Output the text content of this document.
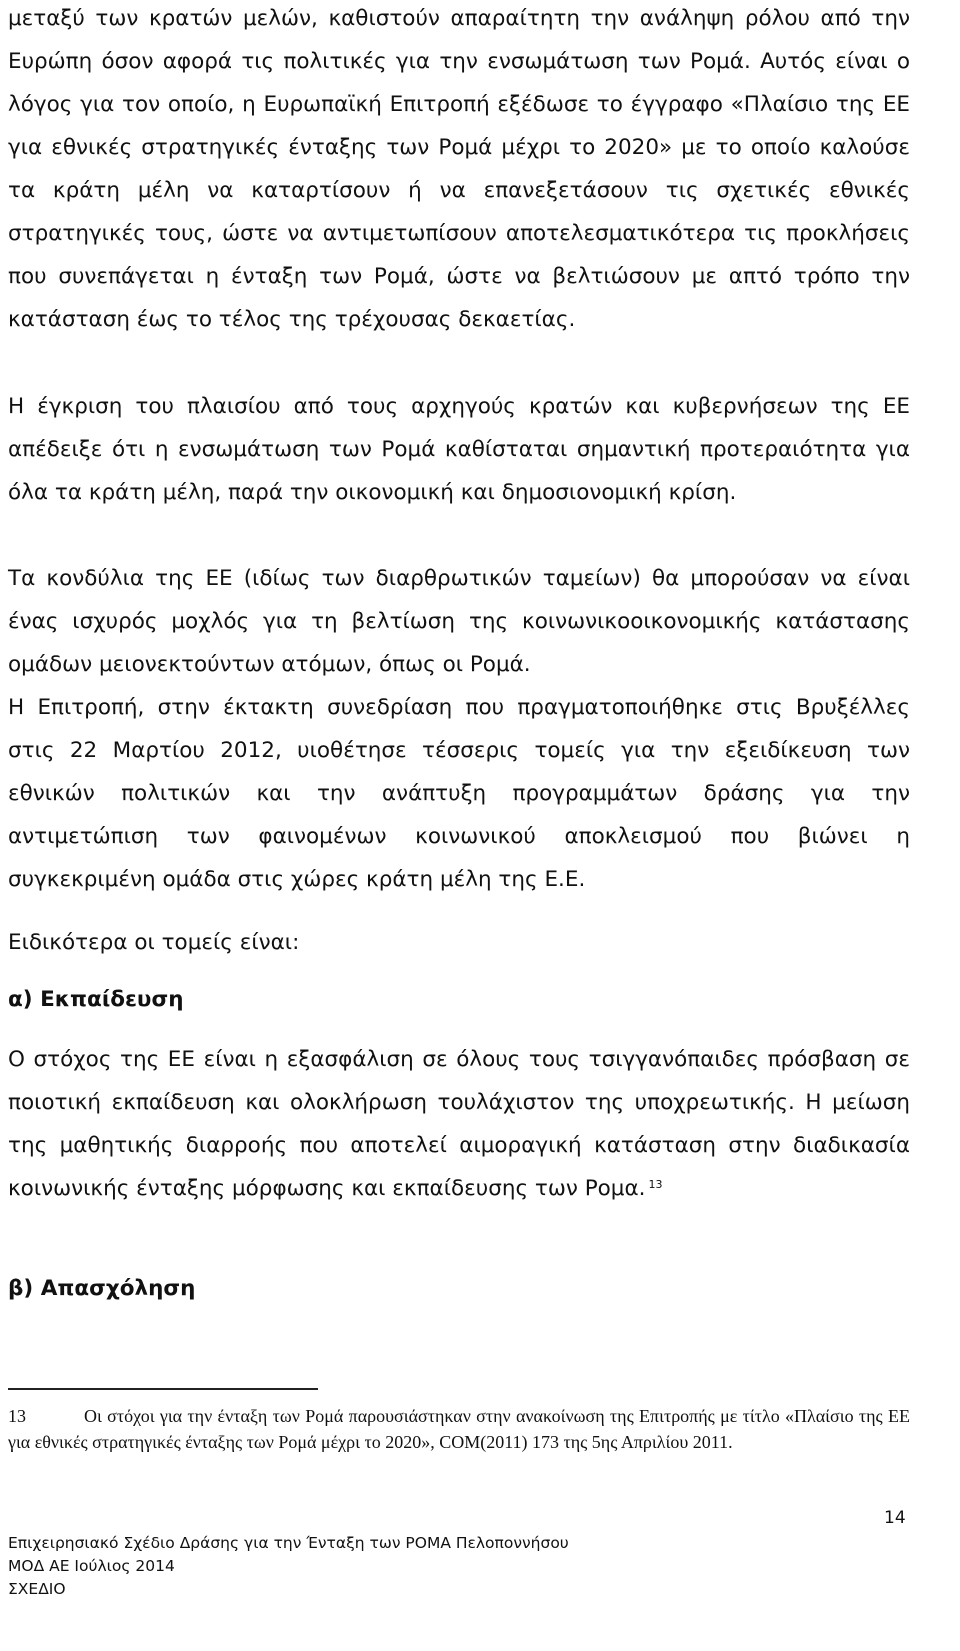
μεταξύ των κρατών μελών, καθιστούν απαραίτητη την ανάληψη ρόλου από την Ευρώπη όσον αφορά τις πολιτικές για την ενσωμάτωση των Ρομά. Αυτός είναι ο λόγος για τον οποίο, η Ευρωπαϊκή Επιτροπή εξέδωσε το έγγραφο «Πλαίσιο της ΕΕ για εθνικές στρατηγικές ένταξης των Ρομά μέχρι το 2020» με το οποίο καλούσε τα κράτη μέλη να καταρτίσουν ή να επανεξετάσουν τις σχετικές εθνικές στρατηγικές τους, ώστε να αντιμετωπίσουν αποτελεσματικότερα τις προκλήσεις που συνεπάγεται η ένταξη των Ρομά, ώστε να βελτιώσουν με απτό τρόπο την κατάσταση έως το τέλος της τρέχουσας δεκαετίας.

Η έγκριση του πλαισίου από τους αρχηγούς κρατών και κυβερνήσεων της ΕΕ απέδειξε ότι η ενσωμάτωση των Ρομά καθίσταται σημαντική προτεραιότητα για όλα τα κράτη μέλη, παρά την οικονομική και δημοσιονομική κρίση.

Τα κονδύλια της ΕΕ (ιδίως των διαρθρωτικών ταμείων) θα μπορούσαν να είναι ένας ισχυρός μοχλός για τη βελτίωση της κοινωνικοοικονομικής κατάστασης ομάδων μειονεκτούντων ατόμων, όπως οι Ρομά.

Η Επιτροπή, στην έκτακτη συνεδρίαση που πραγματοποιήθηκε στις Βρυξέλλες στις 22 Μαρτίου 2012, υιοθέτησε τέσσερις τομείς για την εξειδίκευση των εθνικών πολιτικών και την ανάπτυξη προγραμμάτων δράσης για την αντιμετώπιση των φαινομένων κοινωνικού αποκλεισμού που βιώνει η συγκεκριμένη ομάδα στις χώρες κράτη μέλη της Ε.Ε.

Ειδικότερα οι τομείς είναι:

α) Εκπαίδευση

Ο στόχος της ΕΕ είναι η εξασφάλιση σε όλους τους τσιγγανόπαιδες πρόσβαση σε ποιοτική εκπαίδευση και ολοκλήρωση τουλάχιστον της υποχρεωτικής. Η μείωση της μαθητικής διαρροής που αποτελεί αιμοραγική κατάσταση στην διαδικασία κοινωνικής ένταξης μόρφωσης και εκπαίδευσης των Ρομα. $^{13}$

β) Απασχόληση

13	Οι στόχοι για την ένταξη των Ρομά παρουσιάστηκαν στην ανακοίνωση της Επιτροπής με τίτλο «Πλαίσιο της ΕΕ για εθνικές στρατηγικές ένταξης των Ρομά μέχρι το 2020», COM(2011) 173 της 5ης Απριλίου 2011.

14
Επιχειρησιακό Σχέδιο Δράσης για την Ένταξη των ΡΟΜΑ Πελοποννήσου
ΜΟΔ ΑΕ Ιούλιος 2014
ΣΧΕΔΙΟ
